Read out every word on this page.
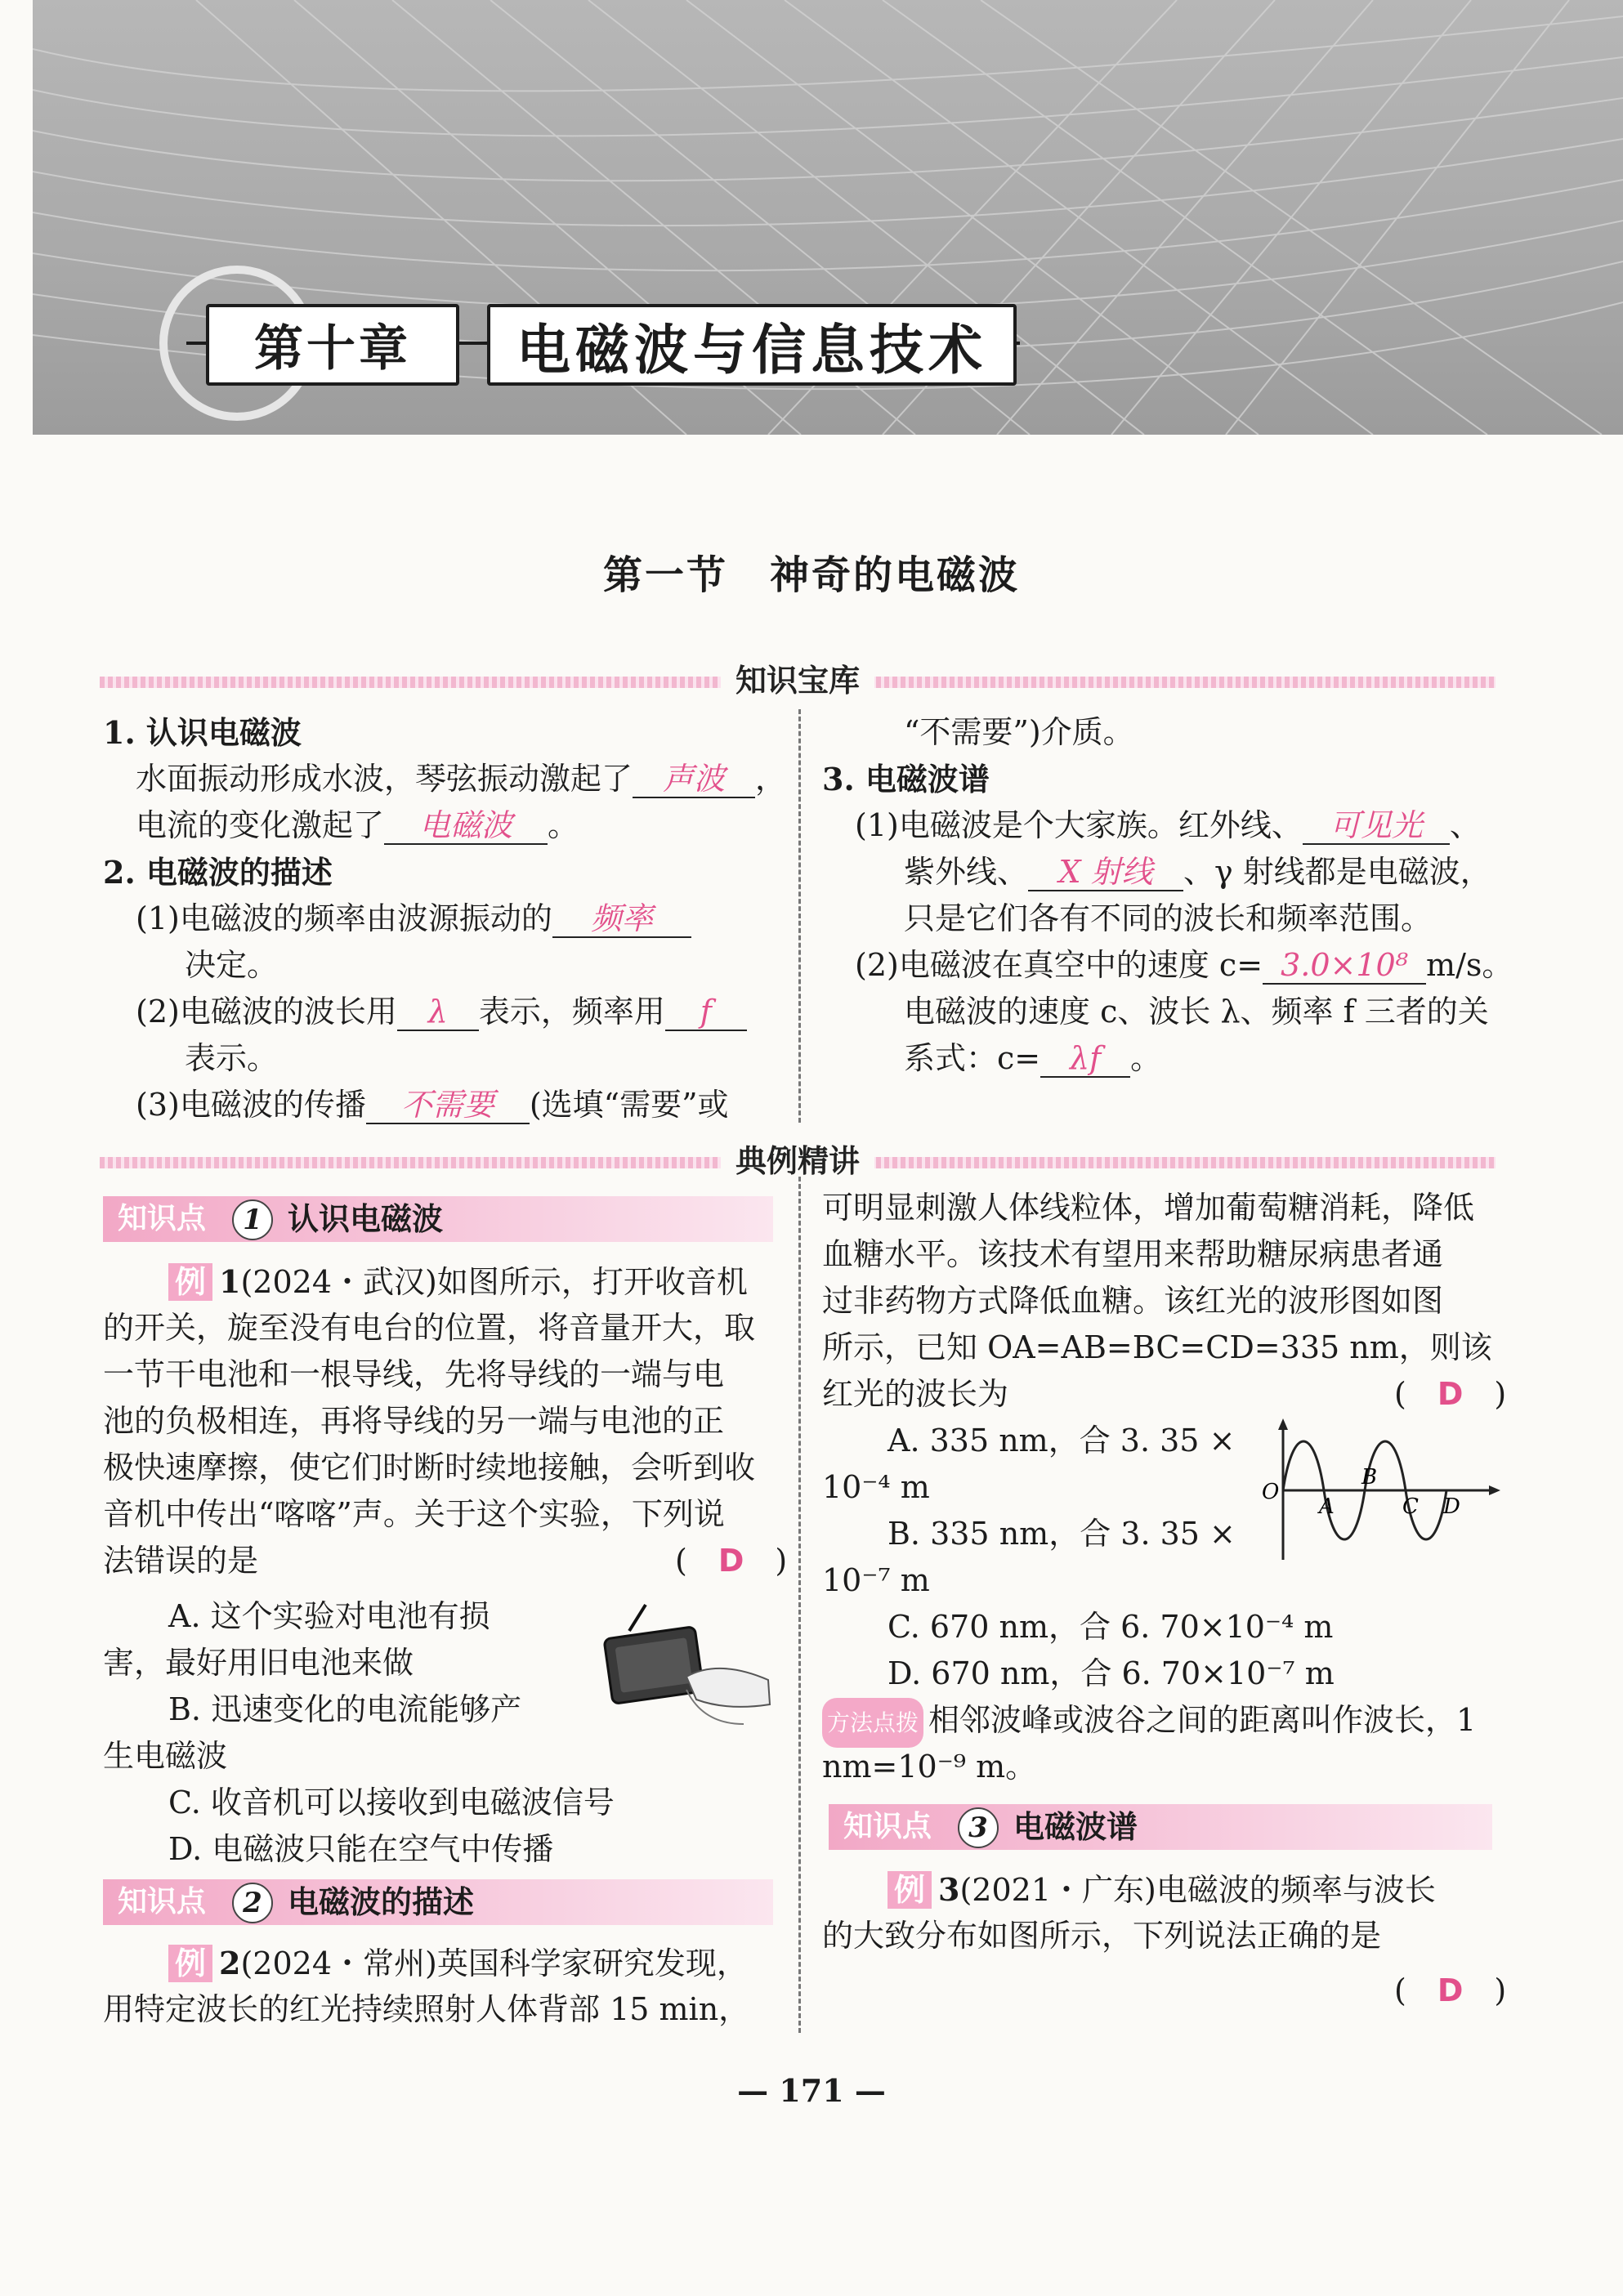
第十章	电磁波与信息技术
第一节　神奇的电磁波
知识宝库
1. 认识电磁波
水面振动形成水波，琴弦振动激起了 声波 ，
电流的变化激起了 电磁波 。
2. 电磁波的描述
(1)电磁波的频率由波源振动的 频率
决定。
(2)电磁波的波长用 λ 表示，频率用 f
表示。
(3)电磁波的传播 不需要 (选填“需要”或
“不需要”)介质。
3. 电磁波谱
(1)电磁波是个大家族。红外线、 可见光 、
紫外线、 X 射线 、γ 射线都是电磁波，
只是它们各有不同的波长和频率范围。
(2)电磁波在真空中的速度 c= 3.0×10⁸ m/s。
电磁波的速度 c、波长 λ、频率 f 三者的关
系式：c= λf 。
典例精讲
知识点	1 认识电磁波
例 1(2024・武汉)如图所示，打开收音机
的开关，旋至没有电台的位置，将音量开大，取
一节干电池和一根导线，先将导线的一端与电
池的负极相连，再将导线的另一端与电池的正
极快速摩擦，使它们时断时续地接触，会听到收
音机中传出“喀喀”声。关于这个实验，下列说
法错误的是	(　D　)
A. 这个实验对电池有损
害，最好用旧电池来做
B. 迅速变化的电流能够产
生电磁波
C. 收音机可以接收到电磁波信号
D. 电磁波只能在空气中传播
知识点	2 电磁波的描述
例 2(2024・常州)英国科学家研究发现，
用特定波长的红光持续照射人体背部 15 min，
可明显刺激人体线粒体，增加葡萄糖消耗，降低
血糖水平。该技术有望用来帮助糖尿病患者通
过非药物方式降低血糖。该红光的波形图如图
所示，已知 OA=AB=BC=CD=335 nm，则该
红光的波长为	(　D　)
A. 335 nm，合 3. 35 ×
10⁻⁴ m
B. 335 nm，合 3. 35 ×
10⁻⁷ m
C. 670 nm，合 6. 70×10⁻⁴ m
D. 670 nm，合 6. 70×10⁻⁷ m
方法点拨 相邻波峰或波谷之间的距离叫作波长，1
nm=10⁻⁹ m。
O
A
B
C D
知识点	3 电磁波谱
例 3(2021・广东)电磁波的频率与波长
的大致分布如图所示，下列说法正确的是
(　D　)
— 171 —
